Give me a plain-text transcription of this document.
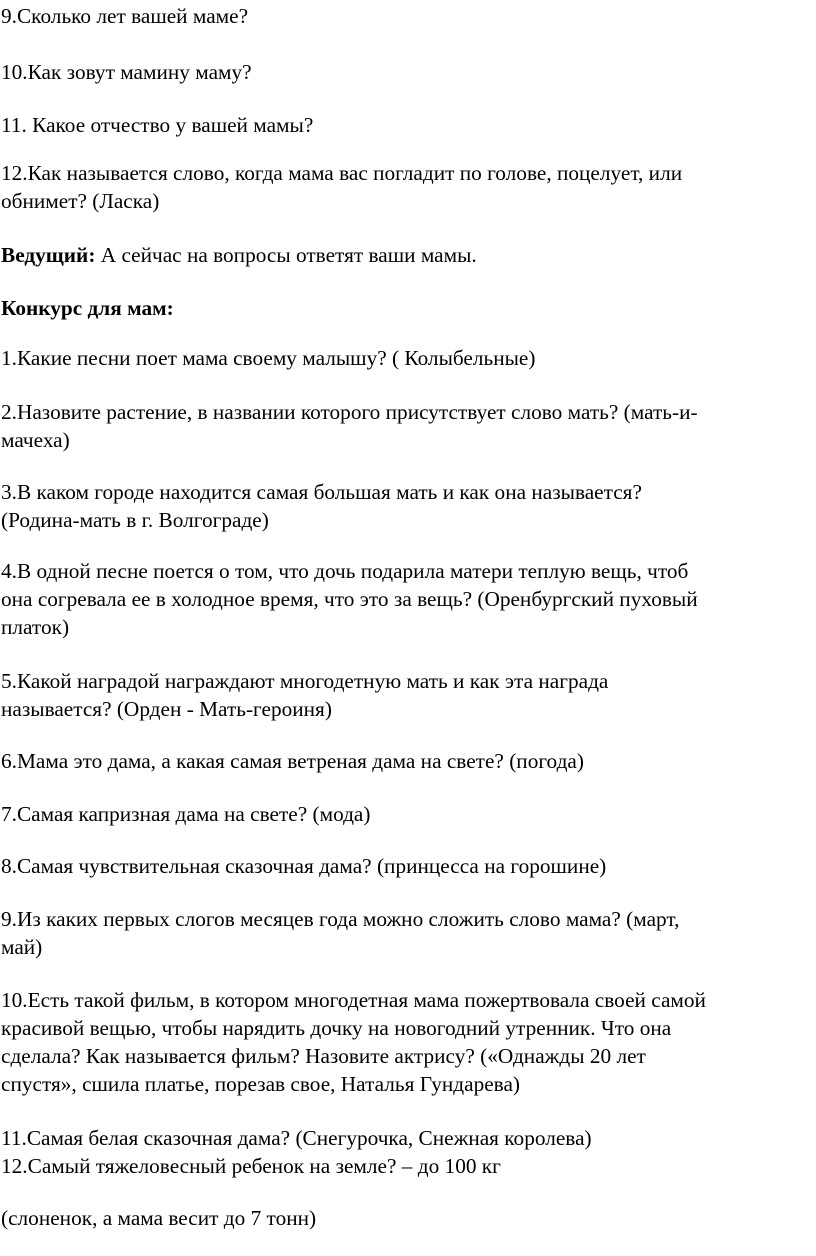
9.Сколько лет вашей маме?

10.Как зовут мамину маму?

11. Какое отчество у вашей мамы?

12.Как называется слово, когда мама вас погладит по голове, поцелует, или
обнимет? (Ласка)

Ведущий: А сейчас на вопросы ответят ваши мамы.

Конкурс для мам:

1.Какие песни поет мама своему малышу? ( Колыбельные)

2.Назовите растение, в названии которого присутствует слово мать? (мать-и-
мачеха)

3.В каком городе находится самая большая мать и как она называется?
(Родина-мать в г. Волгограде)

4.В одной песне поется о том, что дочь подарила матери теплую вещь, чтоб
она согревала ее в холодное время, что это за вещь? (Оренбургский пуховый
платок)

5.Какой наградой награждают многодетную мать и как эта награда
называется? (Орден - Мать-героиня)

6.Мама это дама, а какая самая ветреная дама на свете? (погода)

7.Самая капризная дама на свете? (мода)

8.Самая чувствительная сказочная дама? (принцесса на горошине)

9.Из каких первых слогов месяцев года можно сложить слово мама? (март,
май)

10.Есть такой фильм, в котором многодетная мама пожертвовала своей самой
красивой вещью, чтобы нарядить дочку на новогодний утренник. Что она
сделала? Как называется фильм? Назовите актрису? («Однажды 20 лет
спустя», сшила платье, порезав свое, Наталья Гундарева)

11.Самая белая сказочная дама? (Снегурочка, Снежная королева)
12.Самый тяжеловесный ребенок на земле? – до 100 кг

(слоненок, а мама весит до 7 тонн)
